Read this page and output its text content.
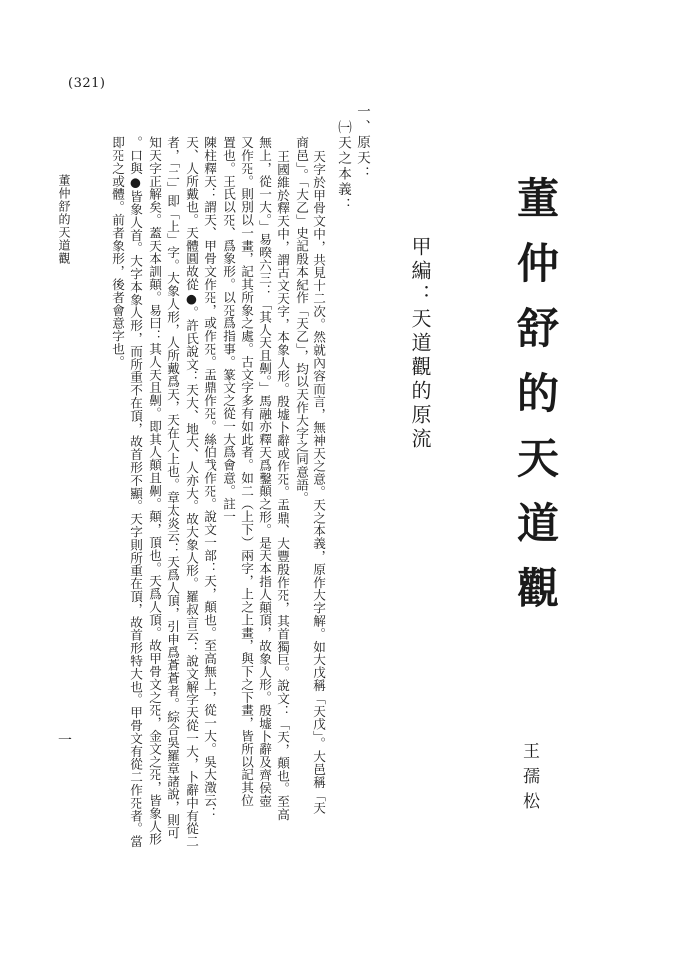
(321)
董仲舒的天道觀
甲編：天道觀的原流
王孺松
一、原天：
㈠天之本義：
天字於甲骨文中，共見十二次。然就內容而言，無神天之意。天之本義，原作大字解。如大戊稱「天戊」。大邑稱「天
商邑」。「大乙」史記殷本紀作「天乙」，均以天作大字之同意語。
王國維於釋天中，謂古文天字，本象人形。殷墟卜辭或作𠀘。盂鼎、大豐殷作𠀘，其首獨巨。說文：「天，顛也。至高
無上，從一大。」易暌六三：「其人天且劓。」馬融亦釋天爲鑿顛之形。是天本指人顛頂，故象人形。殷墟卜辭及齊侯壺
又作𠀘。則別以一畫，記其所象之處。古文字多有如此者。如二（上下）兩字，上之上畫，與下之下畫，皆所以記其位
置也。王氏以𠀘、爲象形。以𠀘爲指事。篆文之從一大爲會意。註一
陳柱釋天：謂天、甲骨文作𠀘，或作𠀘。盂鼎作𠀘。絲伯𢦏作𠀘。說文一部：天，顛也。至高無上，從一大。吳大澂云：
天、人所戴也。天體圓故從●。許氏說文：天大、地大、人亦大。故大象人形。羅叔言云：說文解字天從一大，卜辭中有從二
者，「二」即「上」字。大象人形，人所戴爲天，天在人上也。章太炎云：天爲人頂，引申爲蒼蒼者。綜合吳羅章諸說，則可
知天字正解矣。蓋天本訓顛。易曰：其人天且劓。即其人顛且劓。顛，頂也。天爲人頂。故甲骨文之𠀘，金文之𠀘，皆象人形
。口與●皆象人首。大字本象人形，而所重不在頂，故首形不顯。天字則所重在頂，故首形特大也。甲骨文有從二作𠀘者。當
即𠀘之或體。前者象形，後者會意字也。
董仲舒的天道觀
一
